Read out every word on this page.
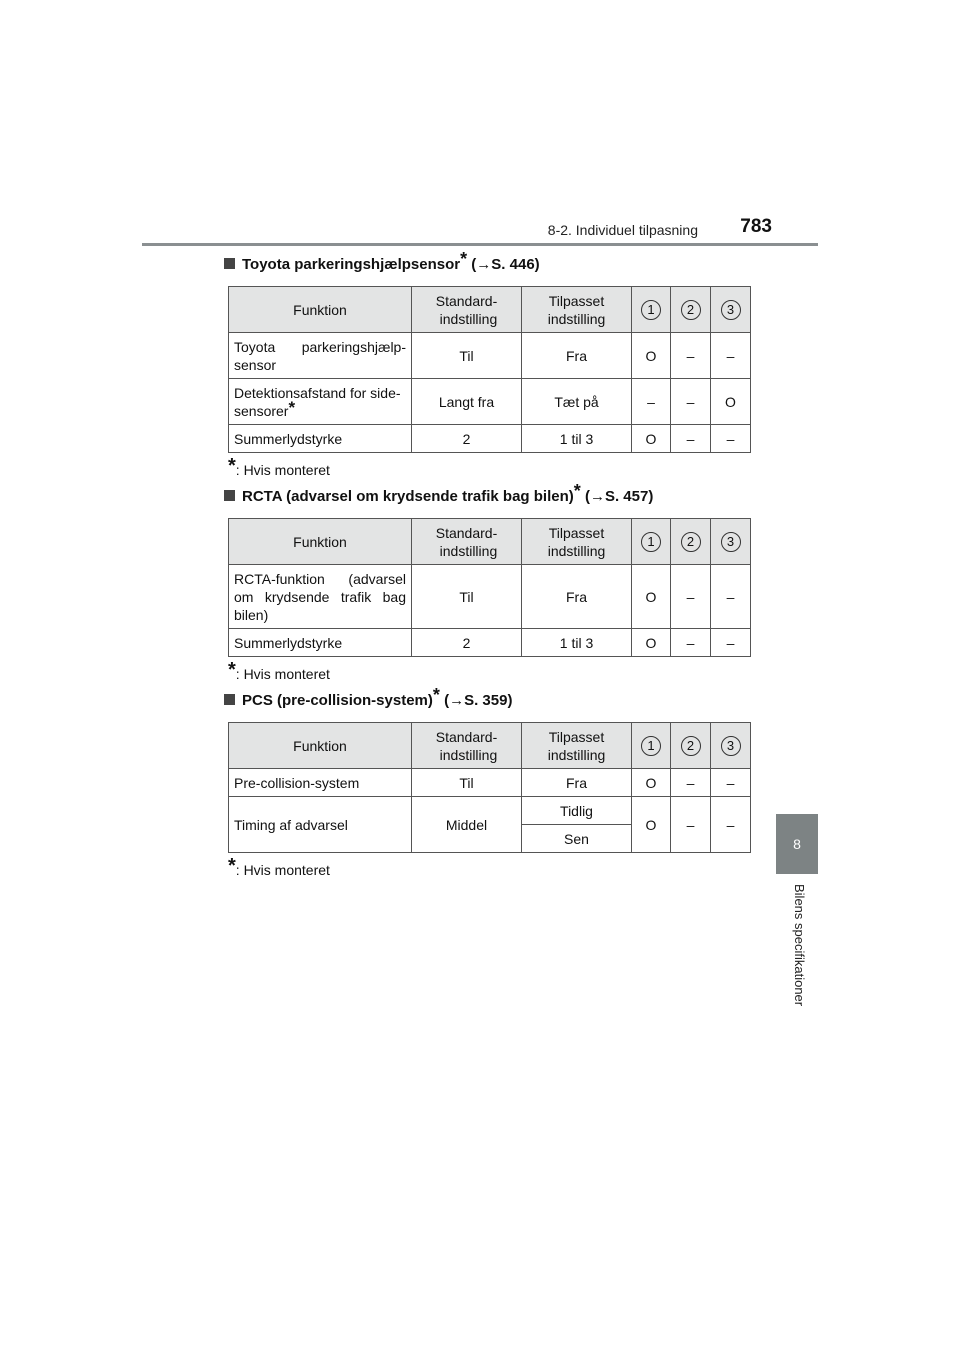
8-2. Individuel tilpasning 783
8
Bilens specifikationer
Toyota parkeringshjælpsensor* (→S. 446)
Funktion	Standard- indstilling	Tilpasset indstilling	1	2	3
Toyota parkeringshjælp-sensor	Til	Fra	O	–	–
Detektionsafstand for side-sensorer*	Langt fra	Tæt på	–	–	O
Summerlydstyrke	2	1 til 3	O	–	–
*: Hvis monteret
RCTA (advarsel om krydsende trafik bag bilen)* (→S. 457)
Funktion	Standard- indstilling	Tilpasset indstilling	1	2	3
RCTA-funktion (advarsel om krydsende trafik bag bilen)	Til	Fra	O	–	–
Summerlydstyrke	2	1 til 3	O	–	–
*: Hvis monteret
PCS (pre-collision-system)* (→S. 359)
Funktion	Standard- indstilling	Tilpasset indstilling	1	2	3
Pre-collision-system	Til	Fra	O	–	–
Timing af advarsel	Middel	Tidlig	O	–	–
		Sen			
*: Hvis monteret
